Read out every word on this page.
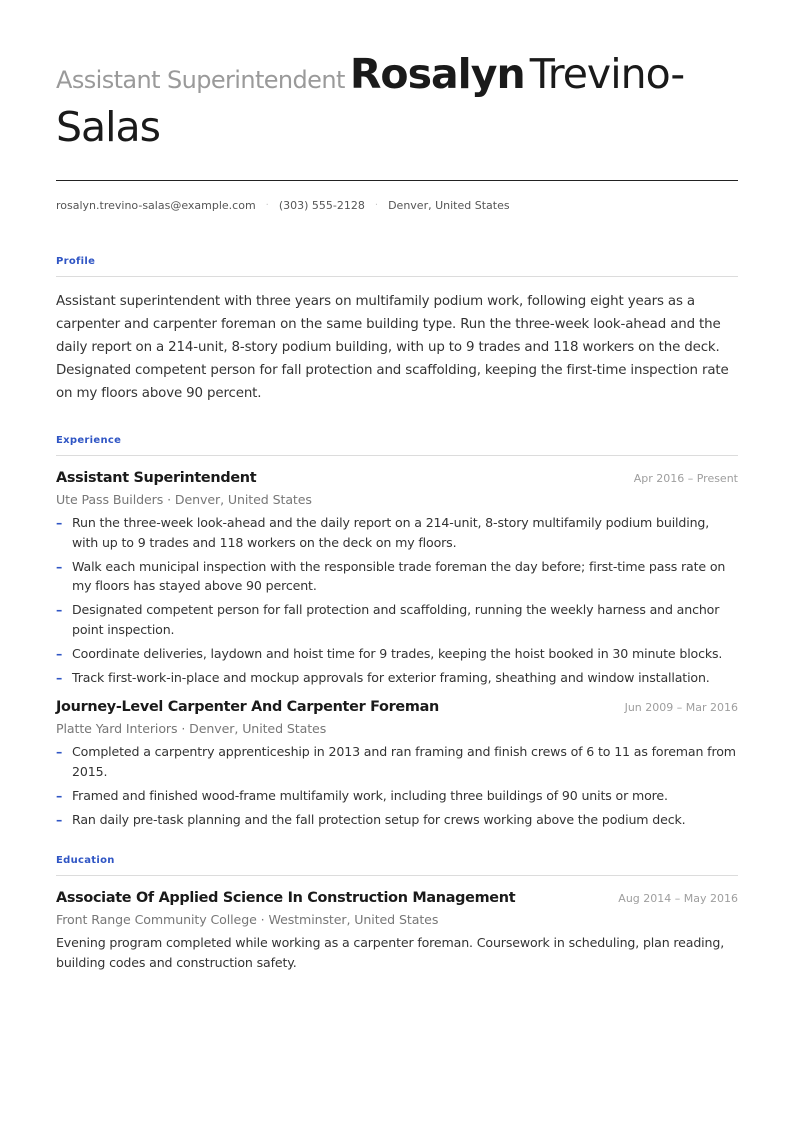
Assistant Superintendent Rosalyn Trevino-Salas
rosalyn.trevino-salas@example.com · (303) 555-2128 · Denver, United States
Profile
Assistant superintendent with three years on multifamily podium work, following eight years as a carpenter and carpenter foreman on the same building type. Run the three-week look-ahead and the daily report on a 214-unit, 8-story podium building, with up to 9 trades and 118 workers on the deck. Designated competent person for fall protection and scaffolding, keeping the first-time inspection rate on my floors above 90 percent.
Experience
Assistant Superintendent	Apr 2016 – Present
Ute Pass Builders · Denver, United States
– Run the three-week look-ahead and the daily report on a 214-unit, 8-story multifamily podium building, with up to 9 trades and 118 workers on the deck on my floors.
– Walk each municipal inspection with the responsible trade foreman the day before; first-time pass rate on my floors has stayed above 90 percent.
– Designated competent person for fall protection and scaffolding, running the weekly harness and anchor point inspection.
– Coordinate deliveries, laydown and hoist time for 9 trades, keeping the hoist booked in 30 minute blocks.
– Track first-work-in-place and mockup approvals for exterior framing, sheathing and window installation.
Journey-Level Carpenter And Carpenter Foreman	Jun 2009 – Mar 2016
Platte Yard Interiors · Denver, United States
– Completed a carpentry apprenticeship in 2013 and ran framing and finish crews of 6 to 11 as foreman from 2015.
– Framed and finished wood-frame multifamily work, including three buildings of 90 units or more.
– Ran daily pre-task planning and the fall protection setup for crews working above the podium deck.
Education
Associate Of Applied Science In Construction Management	Aug 2014 – May 2016
Front Range Community College · Westminster, United States
Evening program completed while working as a carpenter foreman. Coursework in scheduling, plan reading, building codes and construction safety.
